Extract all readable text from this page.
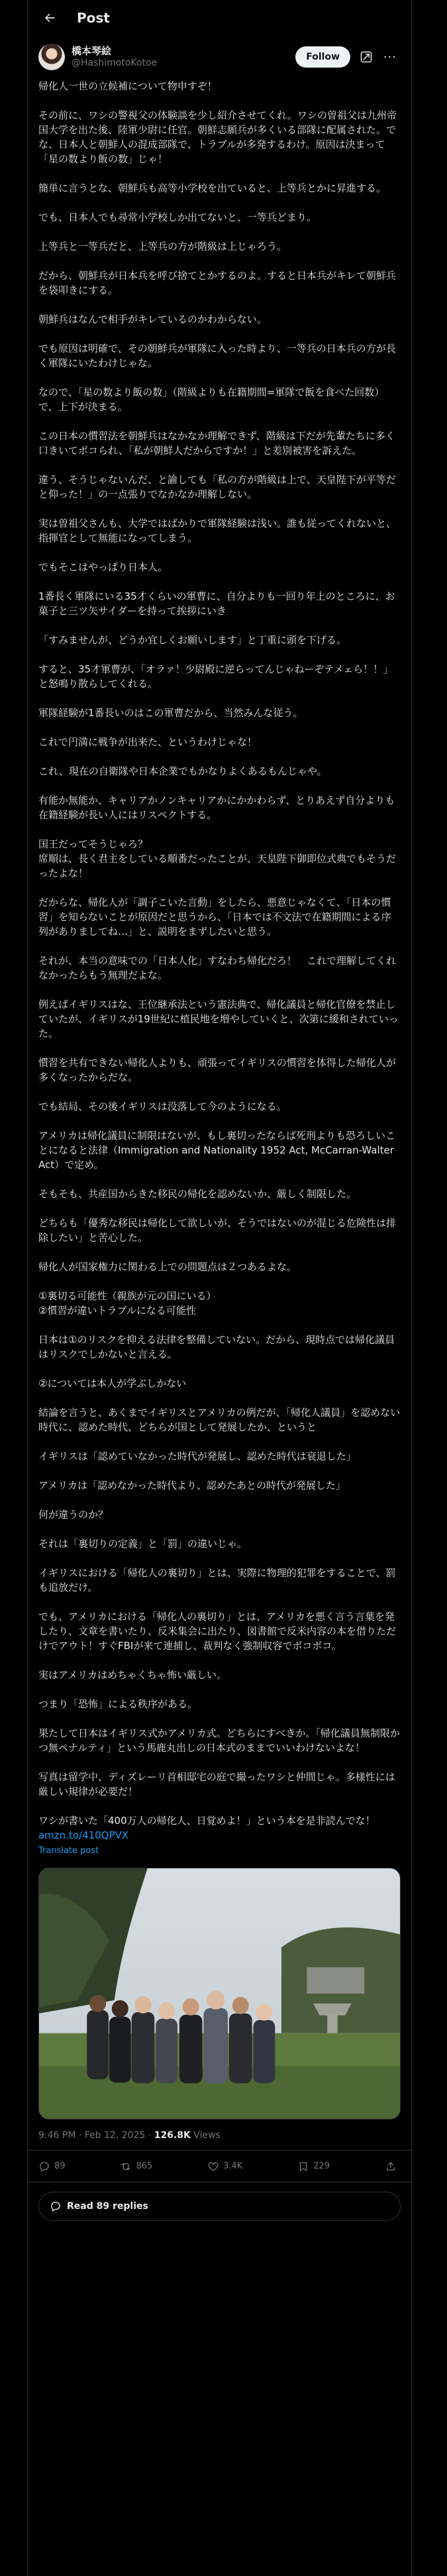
Post
橋本琴絵
@HashimotoKotoe
Follow	···

帰化人一世の立候補について物申すぞ！

その前に、ワシの警視父の体験談を少し紹介させてくれ。ワシの曽祖父は九州帝国大学を出た後、陸軍少尉に任官。朝鮮志願兵が多くいる部隊に配属された。でな、日本人と朝鮮人の混成部隊で、トラブルが多発するわけ。原因は決まって「星の数より飯の数」じゃ！

簡単に言うとな、朝鮮兵も高等小学校を出ていると、上等兵とかに昇進する。

でも、日本人でも尋常小学校しか出てないと、一等兵どまり。

上等兵と一等兵だと、上等兵の方が階級は上じゃろう。

だから、朝鮮兵が日本兵を呼び捨てとかするのよ。すると日本兵がキレて朝鮮兵を袋叩きにする。

朝鮮兵はなんで相手がキレているのかわからない。

でも原因は明確で、その朝鮮兵が軍隊に入った時より、一等兵の日本兵の方が長く軍隊にいたわけじゃな。

なので、「星の数より飯の数」（階級よりも在籍期間=軍隊で飯を食べた回数）で、上下が決まる。

この日本の慣習法を朝鮮兵はなかなか理解できず、階級は下だが先輩たちに多く口きいてボコられ、「私が朝鮮人だからですか！」と差別被害を訴えた。

違う、そうじゃないんだ、と諭しても「私の方が階級は上で、天皇陛下が平等だと仰った！」の一点張りでなかなか理解しない。

実は曽祖父さんも、大学ではばかりで軍隊経験は浅い。誰も従ってくれないと、指揮官として無能になってしまう。

でもそこはやっぱり日本人。

1番長く軍隊にいる35才くらいの軍曹に、自分よりも一回り年上のところに、お菓子と三ツ矢サイダーを持って挨拶にいき

「すみませんが、どうか宜しくお願いします」と丁重に頭を下げる。

すると、35才軍曹が、「オラァ！少尉殿に逆らってんじゃねーぞテメェら！！」と怒鳴り散らしてくれる。

軍隊経験が1番長いのはこの軍曹だから、当然みんな従う。

これで円満に戦争が出来た、というわけじゃな！

これ、現在の自衛隊や日本企業でもかなりよくあるもんじゃや。

有能か無能か、キャリアかノンキャリアかにかかわらず、とりあえず自分よりも在籍経験が長い人にはリスペクトする。

国王だってそうじゃろ？
席順は、長く君主をしている順番だったことが、天皇陛下御即位式典でもそうだったよな！

だからな、帰化人が「調子こいた言動」をしたら、悪意じゃなくて、「日本の慣習」を知らないことが原因だと思うから、「日本では不文法で在籍期間による序列がありましてね…」と、説明をまずしたいと思う。

それが、本当の意味での「日本人化」すなわち帰化だろ！　これで理解してくれなかったらもう無理だよな。

例えばイギリスはな、王位継承法という憲法典で、帰化議員と帰化官僚を禁止していたが、イギリスが19世紀に植民地を増やしていくと、次第に緩和されていった。

慣習を共有できない帰化人よりも、頑張ってイギリスの慣習を体得した帰化人が多くなったからだな。

でも結局、その後イギリスは没落して今のようになる。

アメリカは帰化議員に制限はないが、もし裏切ったならば死刑よりも恐ろしいことになると法律（Immigration and Nationality 1952 Act, McCarran-Walter Act）で定め。

そもそも、共産国からきた移民の帰化を認めないか、厳しく制限した。

どちらも「優秀な移民は帰化して欲しいが、そうではないのが混じる危険性は排除したい」と苦心した。

帰化人が国家権力に関わる上での問題点は２つあるよな。

①裏切る可能性（親族が元の国にいる）
②慣習が違いトラブルになる可能性

日本は①のリスクを抑える法律を整備していない。だから、現時点では帰化議員はリスクでしかないと言える。

②については本人が学ぶしかない

結論を言うと、あくまでイギリスとアメリカの例だが、「帰化人議員」を認めない時代に、認めた時代、どちらが国として発展したか、というと

イギリスは「認めていなかった時代が発展し、認めた時代は衰退した」

アメリカは「認めなかった時代より、認めたあとの時代が発展した」

何が違うのか？

それは「裏切りの定義」と「罰」の違いじゃ。

イギリスにおける「帰化人の裏切り」とは、実際に物理的犯罪をすることで、罰も追放だけ。

でも、アメリカにおける「帰化人の裏切り」とは、アメリカを悪く言う言葉を発したり、文章を書いたり、反米集会に出たり、図書館で反米内容の本を借りただけでアウト！すぐFBIが来て連捕し、裁判なく強制収容でボコボコ。

実はアメリカはめちゃくちゃ怖い厳しい。

つまり「恐怖」による秩序がある。

果たして日本はイギリス式かアメリカ式。どちらにすべきか。「帰化議員無制限かつ無ペナルティ」という馬鹿丸出しの日本式のままでいいわけないよな！

写真は留学中、ディズレーリ首相邸宅の庭で撮ったワシと仲間じゃ。多様性には厳しい規律が必要だ！

ワシが書いた「400万人の帰化人、日覚めよ！」という本を是非読んでな！

amzn.to/410QPVX
Translate post
9:46 PM · Feb 12, 2025 · 126.8K Views
89	865	3.4K	229
Read 89 replies
